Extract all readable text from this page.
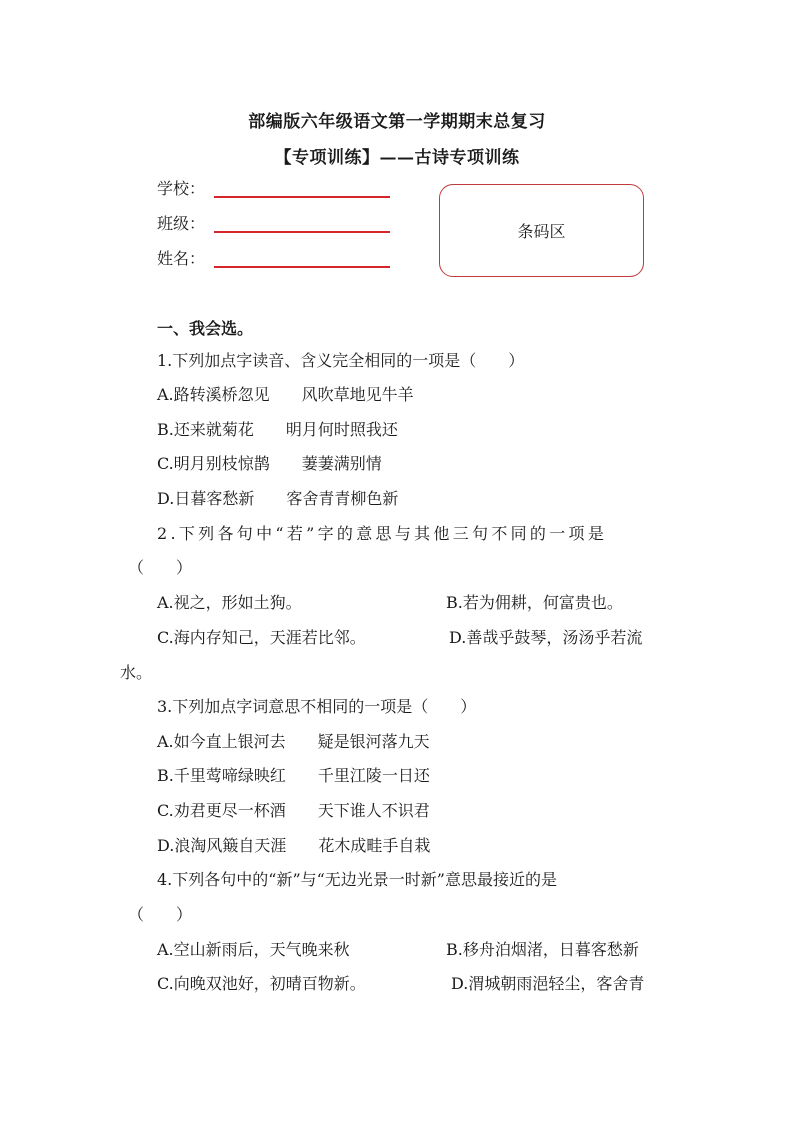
部编版六年级语文第一学期期末总复习
【专项训练】——古诗专项训练
学校：
班级：
姓名：
条码区
一、我会选。
1.下列加点字读音、含义完全相同的一项是（　　）
A.路转溪桥忽见　　风吹草地见牛羊
B.还来就菊花　　明月何时照我还
C.明月别枝惊鹊　　萋萋满别情
D.日暮客愁新　　客舍青青柳色新
2.下列各句中“若”字的意思与其他三句不同的一项是
（　　）
A.视之，形如土狗。	B.若为佣耕，何富贵也。
C.海内存知己，天涯若比邻。	D.善哉乎鼓琴，汤汤乎若流
水。
3.下列加点字词意思不相同的一项是（　　）
A.如今直上银河去　　疑是银河落九天
B.千里莺啼绿映红　　千里江陵一日还
C.劝君更尽一杯酒　　天下谁人不识君
D.浪淘风簸自天涯　　花木成畦手自栽
4.下列各句中的“新”与“无边光景一时新”意思最接近的是
（　　）
A.空山新雨后，天气晚来秋	B.移舟泊烟渚，日暮客愁新
C.向晚双池好，初晴百物新。	D.渭城朝雨浥轻尘，客舍青
